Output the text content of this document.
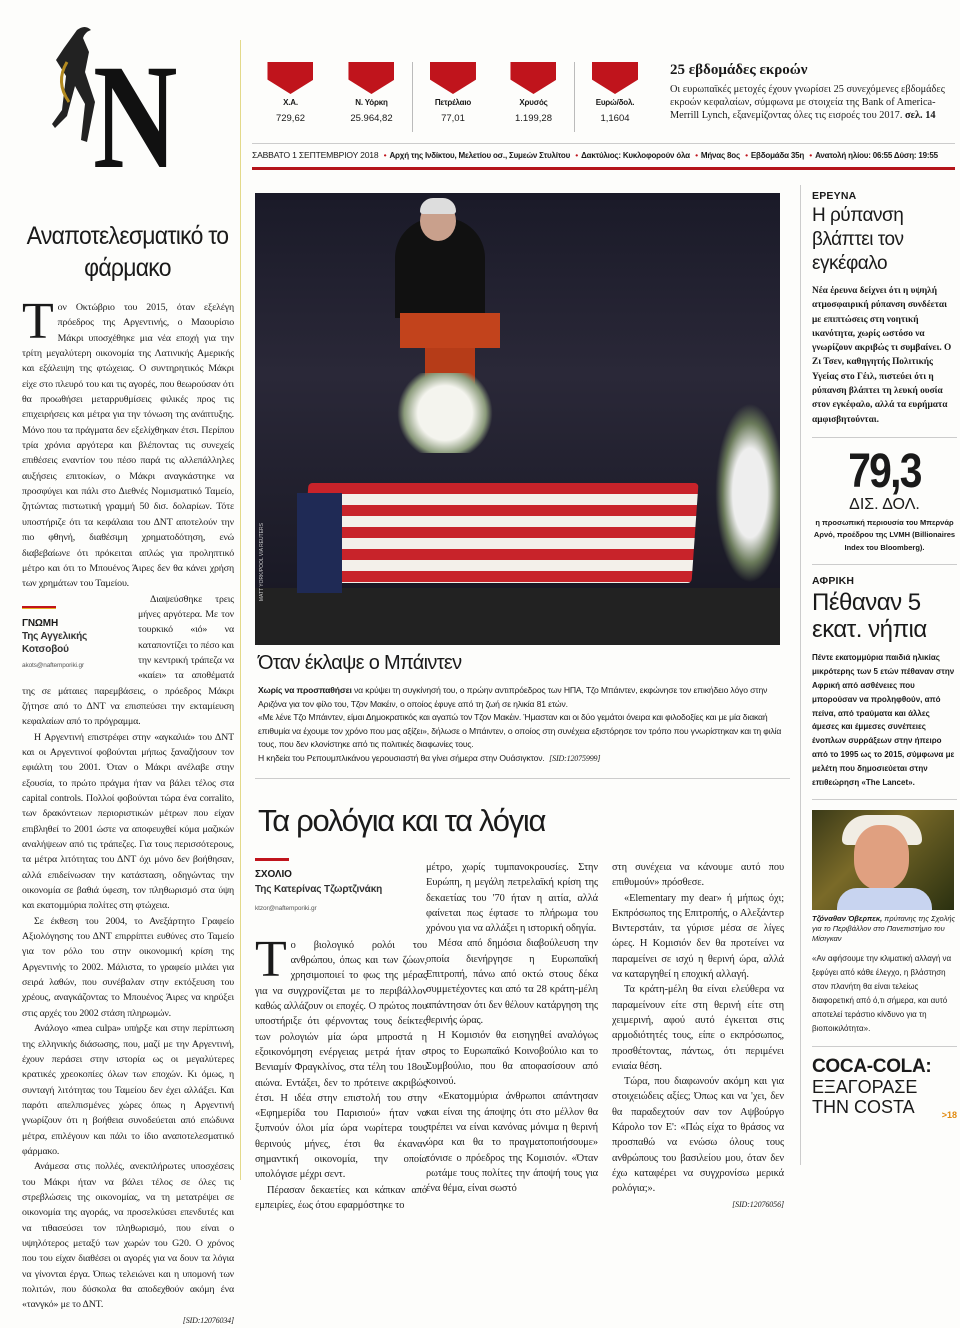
N	Χ.Α.
729,62
Ν. Υόρκη
25.964,82
Πετρέλαιο
77,01
Χρυσός
1.199,28
Ευρώ/δολ.
1,1604
25 εβδομάδες εκροών

Οι ευρωπαϊκές μετοχές έχουν γνωρίσει 25 συνεχόμενες εβδομάδες εκροών κεφαλαίων, σύμφωνα με στοιχεία της Bank of America-Merrill Lynch, εξανεμίζοντας όλες τις εισροές του 2017. σελ. 14

ΣΑΒΒΑΤΟ 1 ΣΕΠΤΕΜΒΡΙΟΥ 2018 • Αρχή της Ινδίκτου, Μελετίου οσ., Συμεών Στυλίτου • Δακτύλιος: Κυκλοφορούν όλα • Μήνας 8ος • Εβδομάδα 35η • Ανατολή ηλίου: 06:55 Δύση: 19:55
Αναποτελεσματικό το φάρμακο

Τον Οκτώβριο του 2015, όταν εξελέγη πρόεδρος της Αργεντινής, ο Μαουρίσιο Μάκρι υποσχέθηκε μια νέα εποχή για την τρίτη μεγαλύτερη οικονομία της Λατινικής Αμερικής και εξάλειψη της φτώχειας. Ο συντηρητικός Μάκρι είχε στο πλευρό του και τις αγορές, που θεωρούσαν ότι θα προωθήσει μεταρρυθμίσεις φιλικές προς τις επιχειρήσεις και μέτρα για την τόνωση της ανάπτυξης. Μόνο που τα πράγματα δεν εξελίχθηκαν έτσι. Περίπου τρία χρόνια αργότερα και βλέποντας τις συνεχείς επιθέσεις εναντίον του πέσο παρά τις αλλεπάλληλες αυξήσεις επιτοκίων, ο Μάκρι αναγκάστηκε να προσφύγει και πάλι στο Διεθνές Νομισματικό Ταμείο, ζητώντας πιστωτική γραμμή 50 δισ. δολαρίων. Τότε υποστήριζε ότι τα κεφάλαια του ΔΝΤ αποτελούν την πιο φθηνή, διαθέσιμη χρηματοδότηση, ενώ διαβεβαίωνε ότι πρόκειται απλώς για προληπτικό μέτρο και ότι το Μπουένος Άιρες δεν θα κάνει χρήση των χρημάτων του Ταμείου.

ΓΝΩΜΗ
Της Αγγελικής Κοτσοβού
akots@naftemporiki.gr

Διαψεύσθηκε τρεις μήνες αργότερα. Με τον τουρκικό «ιό» να καταποντίζει το πέσο και την κεντρική τράπεζα να «καίει» τα αποθέματά της σε μάταιες παρεμβάσεις, ο πρόεδρος Μάκρι ζήτησε από το ΔΝΤ να επισπεύσει την εκταμίευση κεφαλαίων από το πρόγραμμα.

Η Αργεντινή επιστρέφει στην «αγκαλιά» του ΔΝΤ και οι Αργεντινοί φοβούνται μήπως ξαναζήσουν τον εφιάλτη του 2001. Όταν ο Μάκρι ανέλαβε στην εξουσία, το πρώτο πράγμα ήταν να βάλει τέλος στα capital controls. Πολλοί φοβούνται τώρα ένα corralito, των δρακόντειων περιοριστικών μέτρων που είχαν επιβληθεί το 2001 ώστε να αποφευχθεί κύμα μαζικών αναλήψεων από τις τράπεζες. Για τους περισσότερους, τα μέτρα λιτότητας του ΔΝΤ όχι μόνο δεν βοήθησαν, αλλά επιδείνωσαν την κατάσταση, οδηγώντας την οικονομία σε βαθιά ύφεση, τον πληθωρισμό στα ύψη και εκατομμύρια πολίτες στη φτώχεια.

Σε έκθεση του 2004, το Ανεξάρτητο Γραφείο Αξιολόγησης του ΔΝΤ επιρρίπτει ευθύνες στο Ταμείο για τον ρόλο του στην οικονομική κρίση της Αργεντινής το 2002. Μάλιστα, το γραφείο μιλάει για σειρά λαθών, που συνέβαλαν στην εκτόξευση του χρέους, αναγκάζοντας το Μπουένος Άιρες να κηρύξει στις αρχές του 2002 στάση πληρωμών.

Ανάλογο «mea culpa» υπήρξε και στην περίπτωση της ελληνικής διάσωσης, που, μαζί με την Αργεντινή, έχουν περάσει στην ιστορία ως οι μεγαλύτερες κρατικές χρεοκοπίες όλων των εποχών. Κι όμως, η συνταγή λιτότητας του Ταμείου δεν έχει αλλάξει. Και παρότι απελπισμένες χώρες όπως η Αργεντινή γνωρίζουν ότι η βοήθεια συνοδεύεται από επώδυνα μέτρα, επιλέγουν και πάλι το ίδιο αναποτελεσματικό φάρμακο.

Ανάμεσα στις πολλές, ανεκπλήρωτες υποσχέσεις του Μάκρι ήταν να βάλει τέλος σε όλες τις στρεβλώσεις της οικονομίας, να τη μετατρέψει σε οικονομία της αγοράς, να προσελκύσει επενδυτές και να τιθασεύσει τον πληθωρισμό, που είναι ο υψηλότερος μεταξύ των χωρών του G20. Ο χρόνος που του είχαν διαθέσει οι αγορές για να δουν τα λόγια να γίνονται έργα. Όπως τελειώνει και η υπομονή των πολιτών, που δύσκολα θα αποδεχθούν ακόμη ένα «τανγκό» με το ΔΝΤ.

[SID:12076034]
MATT YORK/POOL VIA REUTERS
Όταν έκλαψε ο Μπάιντεν
Χωρίς να προσπαθήσει να κρύψει τη συγκίνησή του, ο πρώην αντιπρόεδρος των ΗΠΑ, Τζο Μπάιντεν, εκφώνησε τον επικήδειο λόγο στην Αριζόνα για τον φίλο του, Τζον Μακέιν, ο οποίος έφυγε από τη ζωή σε ηλικία 81 ετών.
«Με λένε Τζο Μπάιντεν, είμαι Δημοκρατικός και αγαπώ τον Τζον Μακέιν. Ήμασταν και οι δύο γεμάτοι όνειρα και φιλοδοξίες και με μία διακαή επιθυμία να έχουμε τον χρόνο που μας αξίζει», δήλωσε ο Μπάιντεν, ο οποίος στη συνέχεια εξιστόρησε τον τρόπο που γνωρίστηκαν και τη φιλία τους, που δεν κλονίστηκε από τις πολιτικές διαφωνίες τους.
Η κηδεία του Ρεπουμπλικάνου γερουσιαστή θα γίνει σήμερα στην Ουάσιγκτον. [SID:12075999]
Τα ρολόγια και τα λόγια
ΣΧΟΛΙΟ
Της Κατερίνας Τζωρτζινάκη
ktzor@naftemporiki.gr

Το βιολογικό ρολόι του ανθρώπου, όπως και των ζώων, χρησιμοποιεί το φως της μέρας για να συγχρονίζεται με το περιβάλλον καθώς αλλάζουν οι εποχές. Ο πρώτος που υποστήριξε ότι φέρνοντας τους δείκτες των ρολογιών μία ώρα μπροστά η εξοικονόμηση ενέργειας μετρά ήταν ο Βενιαμίν Φραγκλίνος, στα τέλη του 18ου αιώνα. Εντάξει, δεν το πρότεινε ακριβώς έτσι. Η ιδέα στην επιστολή του στην «Εφημερίδα του Παρισιού» ήταν να ξυπνούν όλοι μία ώρα νωρίτερα τους θερινούς μήνες, έτσι θα έκαναν σημαντική οικονομία, την οποία υπολόγισε μέχρι σεντ.

Πέρασαν δεκαετίες και κάπκαν από εμπειρίες, έως ότου εφαρμόστηκε το

μέτρο, χωρίς τυμπανοκρουσίες. Στην Ευρώπη, η μεγάλη πετρελαϊκή κρίση της δεκαετίας του '70 ήταν η αιτία, αλλά φαίνεται πως έφτασε το πλήρωμα του χρόνου για να αλλάξει η ιστορική οδηγία.

Μέσα από δημόσια διαβούλευση την οποία διενήργησε η Ευρωπαϊκή Επιτροπή, πάνω από οκτώ στους δέκα συμμετέχοντες και από τα 28 κράτη-μέλη απάντησαν ότι δεν θέλουν κατάργηση της θερινής ώρας.

Η Κομισιόν θα εισηγηθεί αναλόγως προς το Ευρωπαϊκό Κοινοβούλιο και το Συμβούλιο, που θα αποφασίσουν από κοινού.

«Εκατομμύρια άνθρωποι απάντησαν και είναι της άποψης ότι στο μέλλον θα πρέπει να είναι κανόνας μόνιμα η θερινή ώρα και θα το πραγματοποιήσουμε» τόνισε ο πρόεδρος της Κομισιόν. «Όταν ρωτάμε τους πολίτες την άποψή τους για ένα θέμα, είναι σωστό

στη συνέχεια να κάνουμε αυτό που επιθυμούν» πρόσθεσε.

«Elementary my dear» ή μήπως όχι; Εκπρόσωπος της Επιτροπής, ο Αλεξάντερ Βιντερστάιν, τα γύρισε μέσα σε λίγες ώρες. Η Κομισιόν δεν θα προτείνει να παραμείνει σε ισχύ η θερινή ώρα, αλλά να καταργηθεί η εποχική αλλαγή.

Τα κράτη-μέλη θα είναι ελεύθερα να παραμείνουν είτε στη θερινή είτε στη χειμερινή, αφού αυτό έγκειται στις αρμοδιότητές τους, είπε ο εκπρόσωπος, προσθέτοντας, πάντως, ότι περιμένει ενιαία θέση.

Τώρα, που διαφωνούν ακόμη και για στοιχειώδεις αξίες; Όπως και να 'χει, δεν θα παραδεχτούν σαν τον Αψβούργο Κάρολο τον Ε': «Πώς είχα το θράσος να προσπαθώ να ενώσω όλους τους ανθρώπους του βασιλείου μου, όταν δεν έχω καταφέρει να συγχρονίσω μερικά ρολόγια;».

[SID:12076056]
ΕΡΕΥΝΑ
Η ρύπανση βλάπτει τον εγκέφαλο
Νέα έρευνα δείχνει ότι η υψηλή ατμοσφαιρική ρύπανση συνδέεται με επιπτώσεις στη νοητική ικανότητα, χωρίς ωστόσο να γνωρίζουν ακριβώς τι συμβαίνει. Ο Ζι Τσεν, καθηγητής Πολιτικής Υγείας στο Γέιλ, πιστεύει ότι η ρύπανση βλάπτει τη λευκή ουσία στον εγκέφαλο, αλλά τα ευρήματα αμφισβητούνται.
79,3
ΔΙΣ. ΔΟΛ.
η προσωπική περιουσία του Μπερνάρ Αρνό, προέδρου της LVMH (Billionaires Index του Bloomberg).
ΑΦΡΙΚΗ
Πέθαναν 5 εκατ. νήπια
Πέντε εκατομμύρια παιδιά ηλικίας μικρότερης των 5 ετών πέθαναν στην Αφρική από ασθένειες που μπορούσαν να προληφθούν, από πείνα, από τραύματα και άλλες άμεσες και έμμεσες συνέπειες ένοπλων συρράξεων στην ήπειρο από το 1995 ως το 2015, σύμφωνα με μελέτη που δημοσιεύεται στην επιθεώρηση «The Lancet».
Τζόναθαν Όβερπεκ, πρύτανης της Σχολής για το Περιβάλλον στο Πανεπιστήμιο του Μίσιγκαν
«Αν αφήσουμε την κλιματική αλλαγή να ξεφύγει από κάθε έλεγχο, η βλάστηση στον πλανήτη θα είναι τελείως διαφορετική από ό,τι σήμερα, και αυτό αποτελεί τεράστιο κίνδυνο για τη βιοποικιλότητα».
COCA-COLA:
ΕΞΑΓΟΡΑΣΕ
ΤΗΝ COSTA	>18
